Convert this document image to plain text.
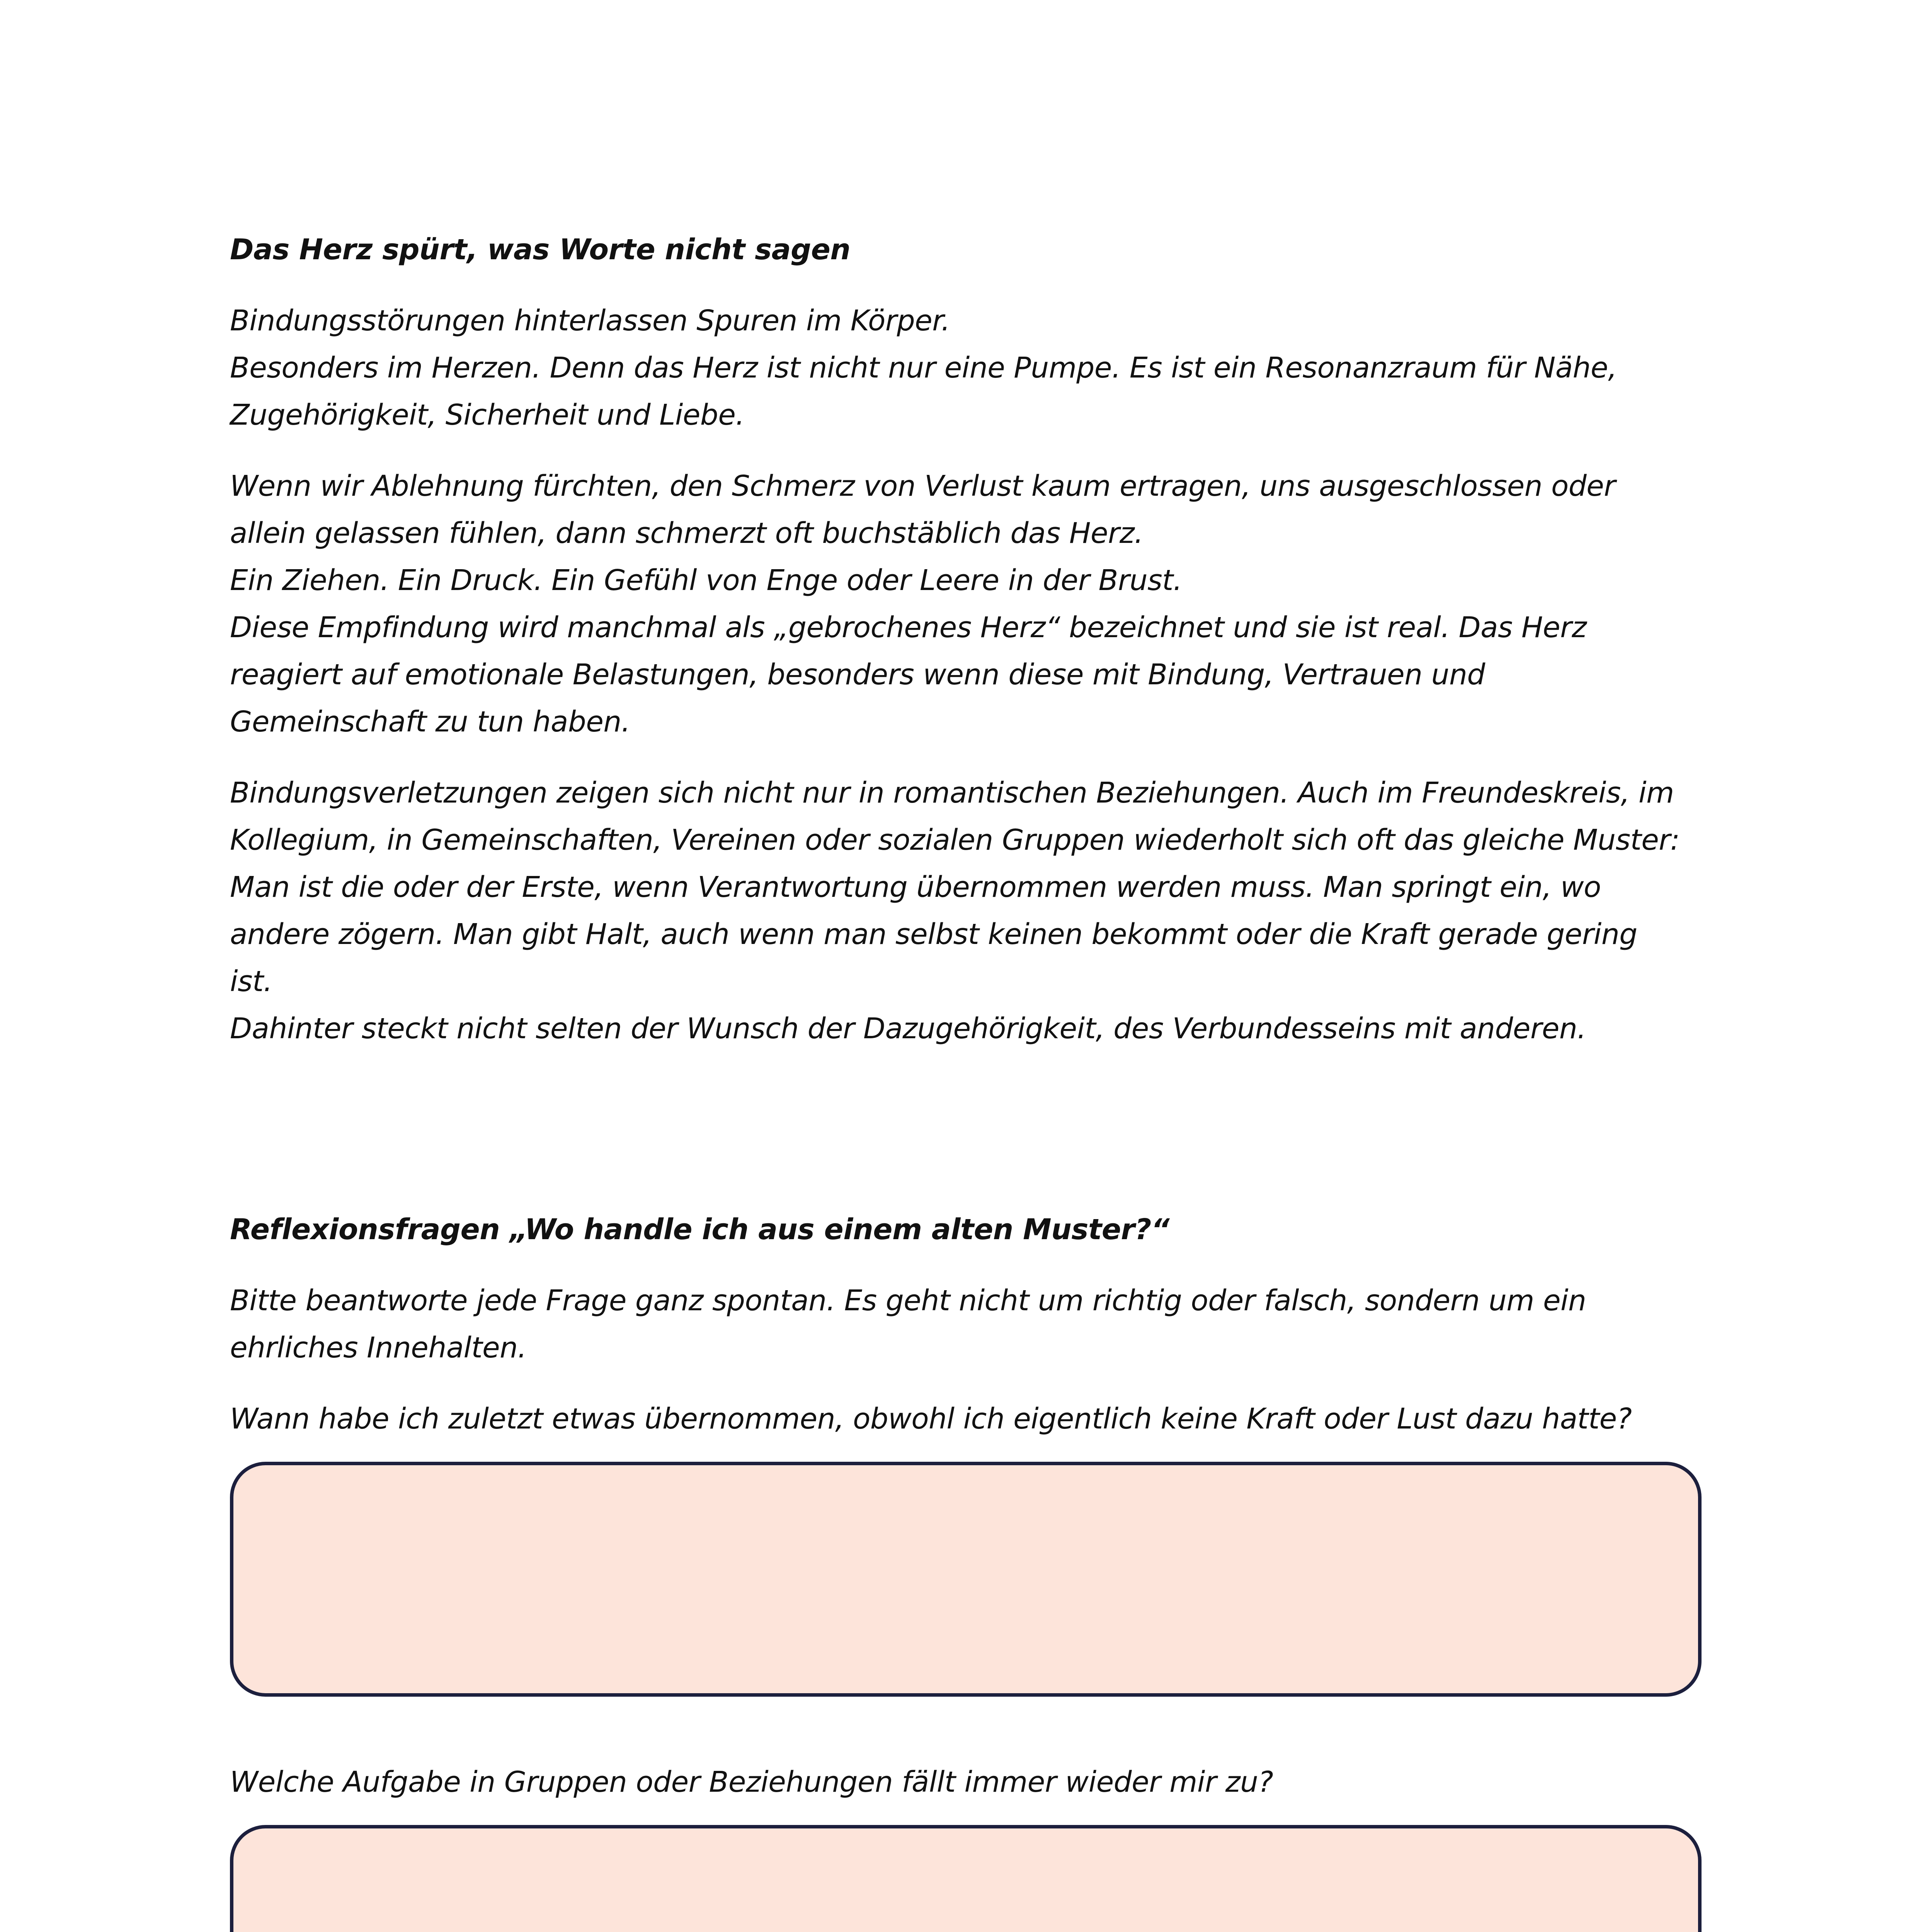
Das Herz spürt, was Worte nicht sagen

Bindungsstörungen hinterlassen Spuren im Körper.
Besonders im Herzen. Denn das Herz ist nicht nur eine Pumpe. Es ist ein Resonanzraum für Nähe,
Zugehörigkeit, Sicherheit und Liebe.

Wenn wir Ablehnung fürchten, den Schmerz von Verlust kaum ertragen, uns ausgeschlossen oder
allein gelassen fühlen, dann schmerzt oft buchstäblich das Herz.
Ein Ziehen. Ein Druck. Ein Gefühl von Enge oder Leere in der Brust.
Diese Empfindung wird manchmal als „gebrochenes Herz“ bezeichnet und sie ist real. Das Herz
reagiert auf emotionale Belastungen, besonders wenn diese mit Bindung, Vertrauen und
Gemeinschaft zu tun haben.

Bindungsverletzungen zeigen sich nicht nur in romantischen Beziehungen. Auch im Freundeskreis, im
Kollegium, in Gemeinschaften, Vereinen oder sozialen Gruppen wiederholt sich oft das gleiche Muster:
Man ist die oder der Erste, wenn Verantwortung übernommen werden muss. Man springt ein, wo
andere zögern. Man gibt Halt, auch wenn man selbst keinen bekommt oder die Kraft gerade gering
ist.
Dahinter steckt nicht selten der Wunsch der Dazugehörigkeit, des Verbundesseins mit anderen.

Reflexionsfragen „Wo handle ich aus einem alten Muster?“

Bitte beantworte jede Frage ganz spontan. Es geht nicht um richtig oder falsch, sondern um ein
ehrliches Innehalten.

Wann habe ich zuletzt etwas übernommen, obwohl ich eigentlich keine Kraft oder Lust dazu hatte?

Welche Aufgabe in Gruppen oder Beziehungen fällt immer wieder mir zu?
